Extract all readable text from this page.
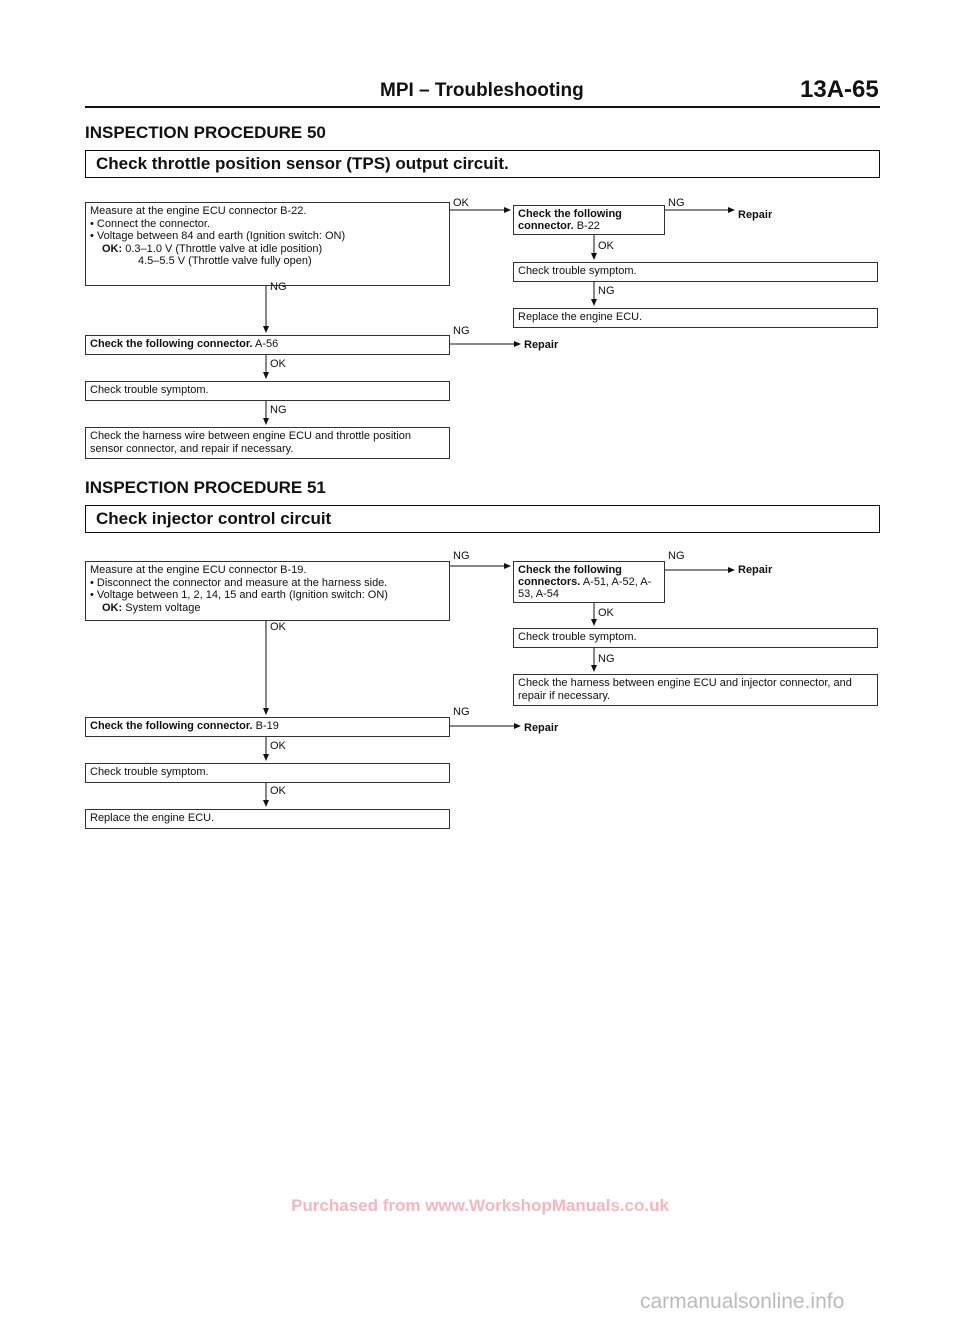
MPI – Troubleshooting	13A-65
INSPECTION PROCEDURE 50
Check throttle position sensor (TPS) output circuit.
Measure at the engine ECU connector B-22.
• Connect the connector.
• Voltage between 84 and earth (Ignition switch: ON)
OK: 0.3–1.0 V (Throttle valve at idle position)
4.5–5.5 V (Throttle valve fully open)
Check the following connector. B-22
Check trouble symptom.
Replace the engine ECU.
Check the following connector. A-56
Check trouble symptom.
Check the harness wire between engine ECU and throttle position sensor connector, and repair if necessary.
OK	NG
Repair
OK
NG
NG
NG
Repair
OK
NG
INSPECTION PROCEDURE 51
Check injector control circuit
Measure at the engine ECU connector B-19.
• Disconnect the connector and measure at the harness side.
• Voltage between 1, 2, 14, 15 and earth (Ignition switch: ON)
OK: System voltage
Check the following connectors. A-51, A-52, A-53, A-54
Check trouble symptom.
Check the harness between engine ECU and injector connector, and repair if necessary.
Check the following connector. B-19
Check trouble symptom.
Replace the engine ECU.
NG	NG
Repair
OK
OK
NG
NG
Repair
OK
OK
Purchased from www.WorkshopManuals.co.uk
carmanualsonline.info
